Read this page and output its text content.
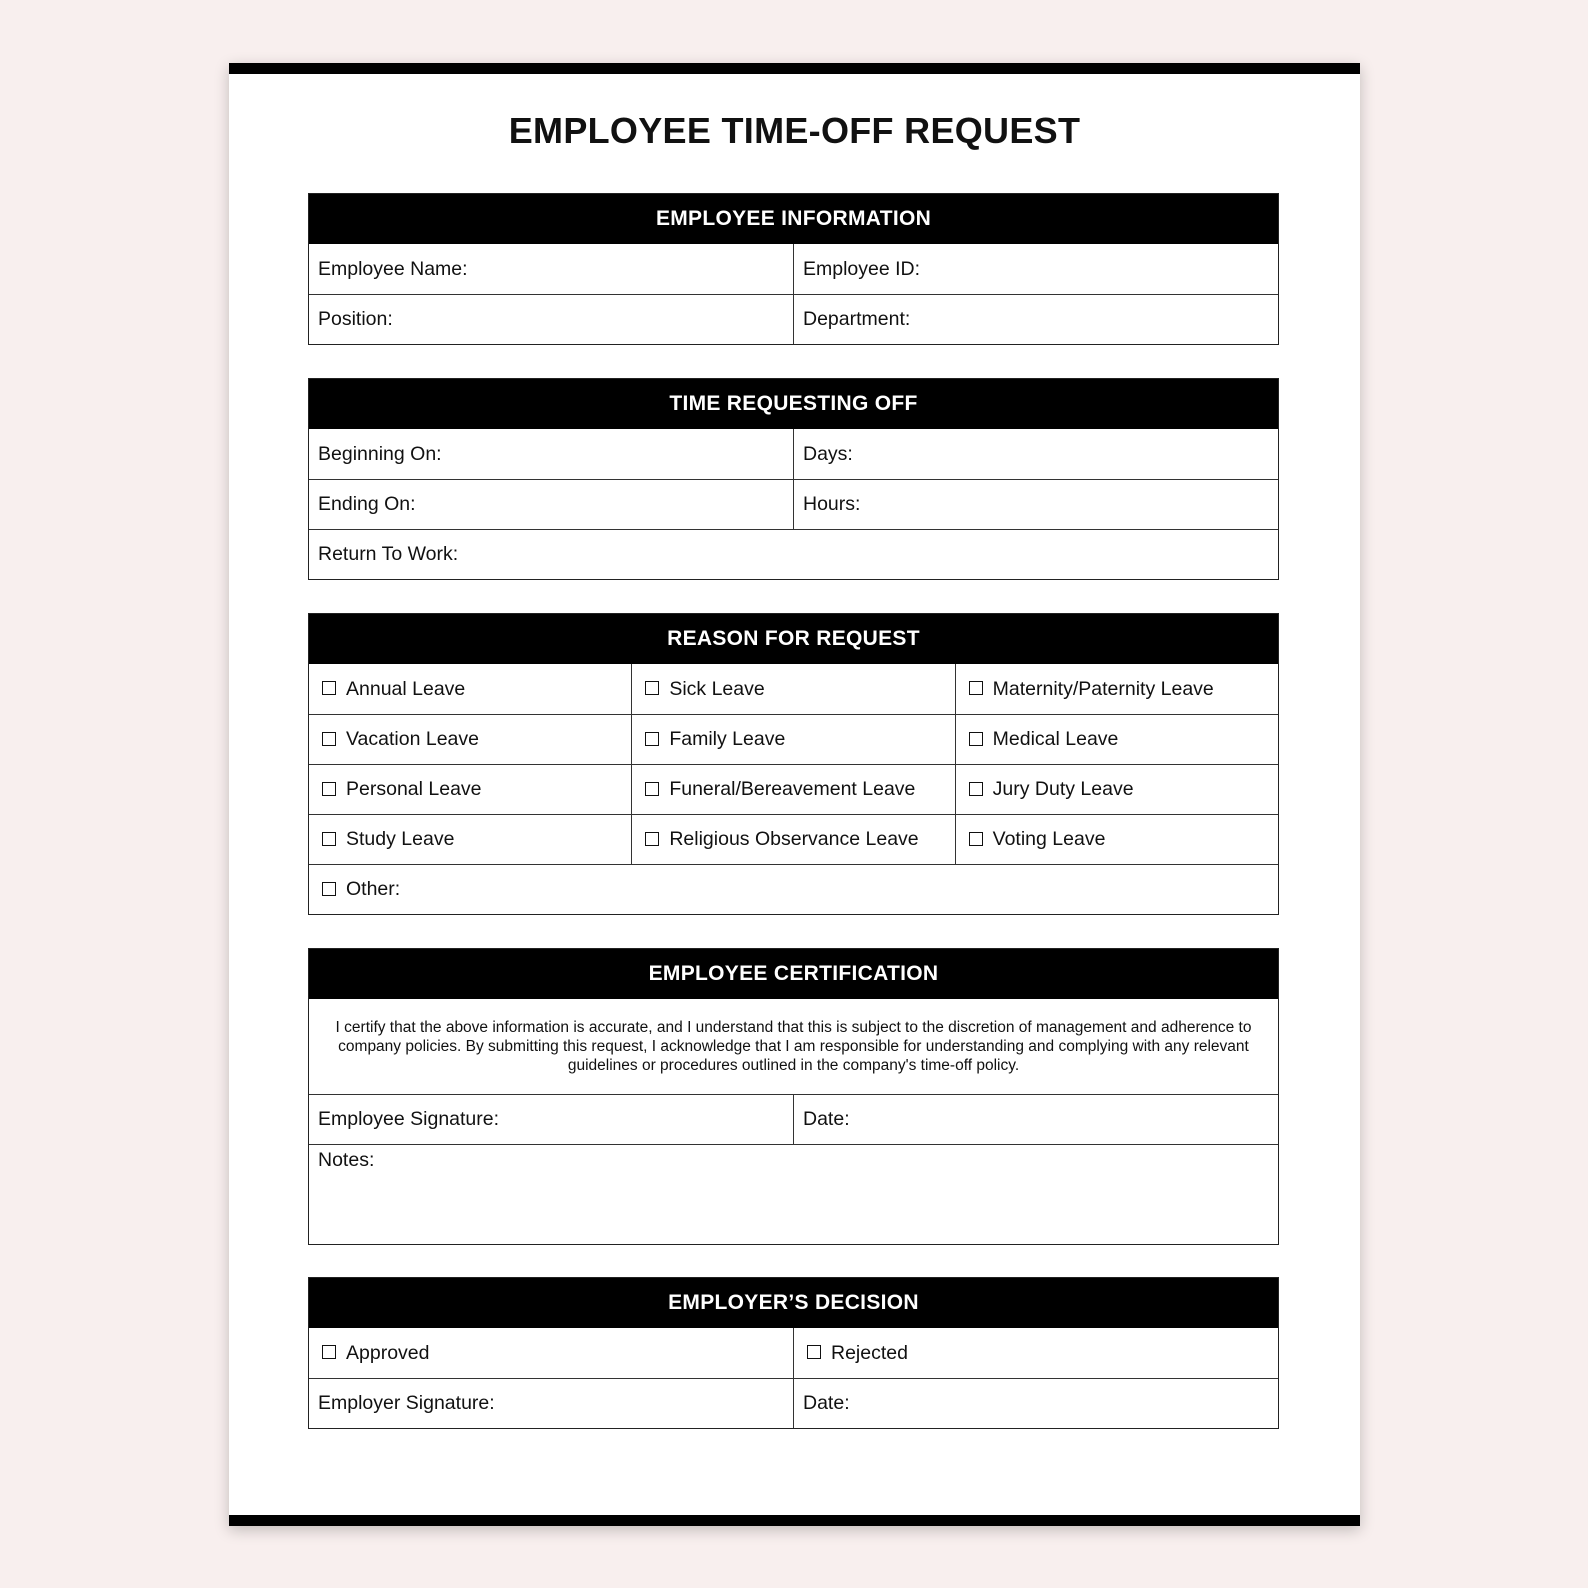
EMPLOYEE TIME-OFF REQUEST
EMPLOYEE INFORMATION
Employee Name:	Employee ID:
Position:	Department:
TIME REQUESTING OFF
Beginning On:	Days:
Ending On:	Hours:
Return To Work:
REASON FOR REQUEST
Annual Leave	Sick Leave	Maternity/Paternity Leave
Vacation Leave	Family Leave	Medical Leave
Personal Leave	Funeral/Bereavement Leave	Jury Duty Leave
Study Leave	Religious Observance Leave	Voting Leave
Other:
EMPLOYEE CERTIFICATION
I certify that the above information is accurate, and I understand that this is subject to the discretion of management and adherence to company policies. By submitting this request, I acknowledge that I am responsible for understanding and complying with any relevant guidelines or procedures outlined in the company's time-off policy.
Employee Signature:	Date:
Notes:
EMPLOYER’S DECISION
Approved	Rejected
Employer Signature:	Date:
